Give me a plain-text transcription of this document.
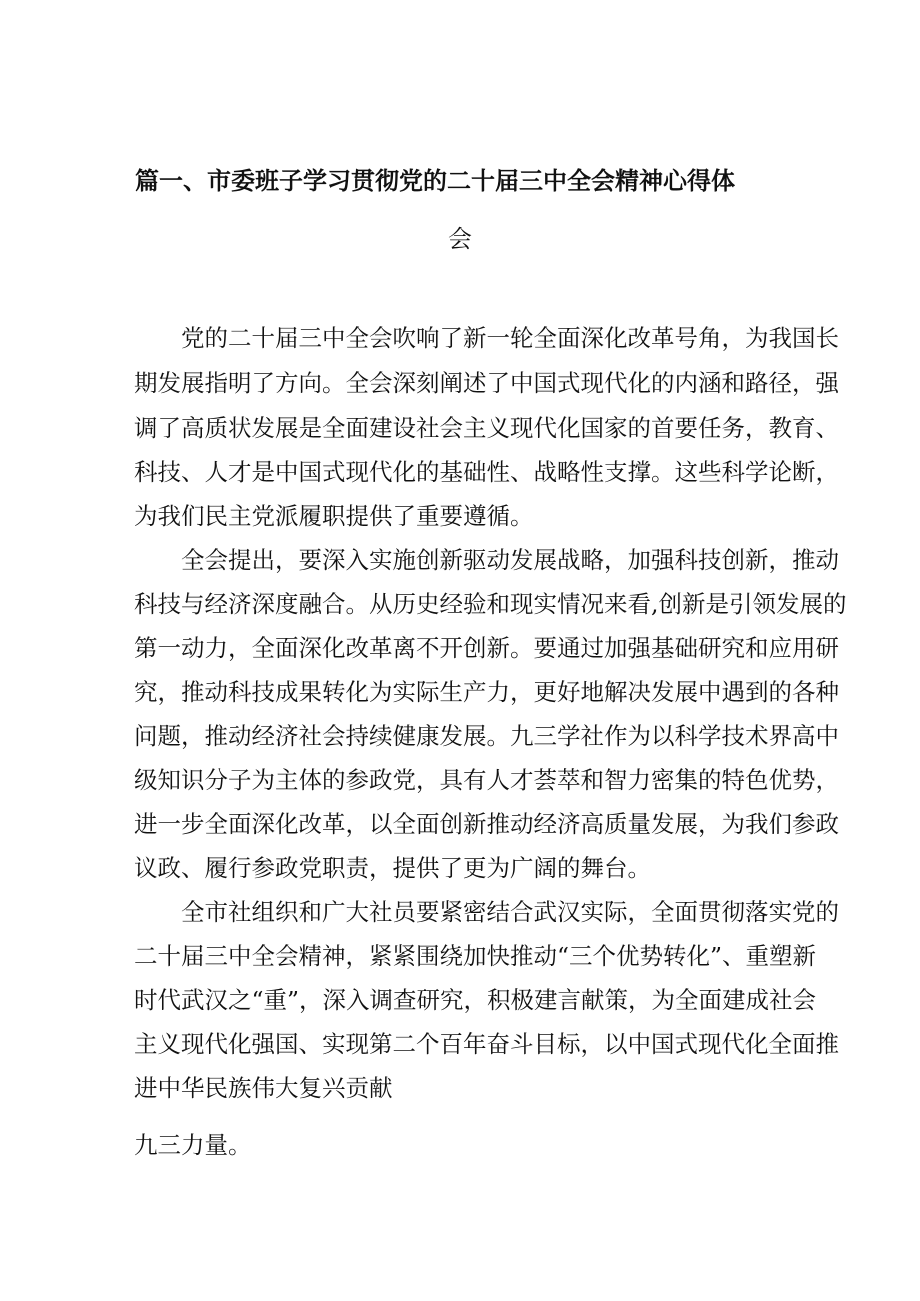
篇一、市委班子学习贯彻党的二十届三中全会精神心得体
会
党的二十届三中全会吹响了新一轮全面深化改革号角，为我国长
期发展指明了方向。全会深刻阐述了中国式现代化的内涵和路径，强
调了高质状发展是全面建设社会主义现代化国家的首要任务，教育、
科技、人才是中国式现代化的基础性、战略性支撑。这些科学论断，
为我们民主党派履职提供了重要遵循。
全会提出，要深入实施创新驱动发展战略，加强科技创新，推动
科技与经济深度融合。从历史经验和现实情况来看,创新是引领发展的
第一动力，全面深化改革离不开创新。要通过加强基础研究和应用研
究，推动科技成果转化为实际生产力，更好地解决发展中遇到的各种
问题，推动经济社会持续健康发展。九三学社作为以科学技术界高中
级知识分子为主体的参政党，具有人才荟萃和智力密集的特色优势，
进一步全面深化改革，以全面创新推动经济高质量发展，为我们参政
议政、履行参政党职责，提供了更为广阔的舞台。
全市社组织和广大社员要紧密结合武汉实际，全面贯彻落实党的
二十届三中全会精神，紧紧围绕加快推动“三个优势转化”、重塑新
时代武汉之“重”，深入调查研究，积极建言献策，为全面建成社会
主义现代化强国、实现第二个百年奋斗目标，以中国式现代化全面推
进中华民族伟大复兴贡献
九三力量。
